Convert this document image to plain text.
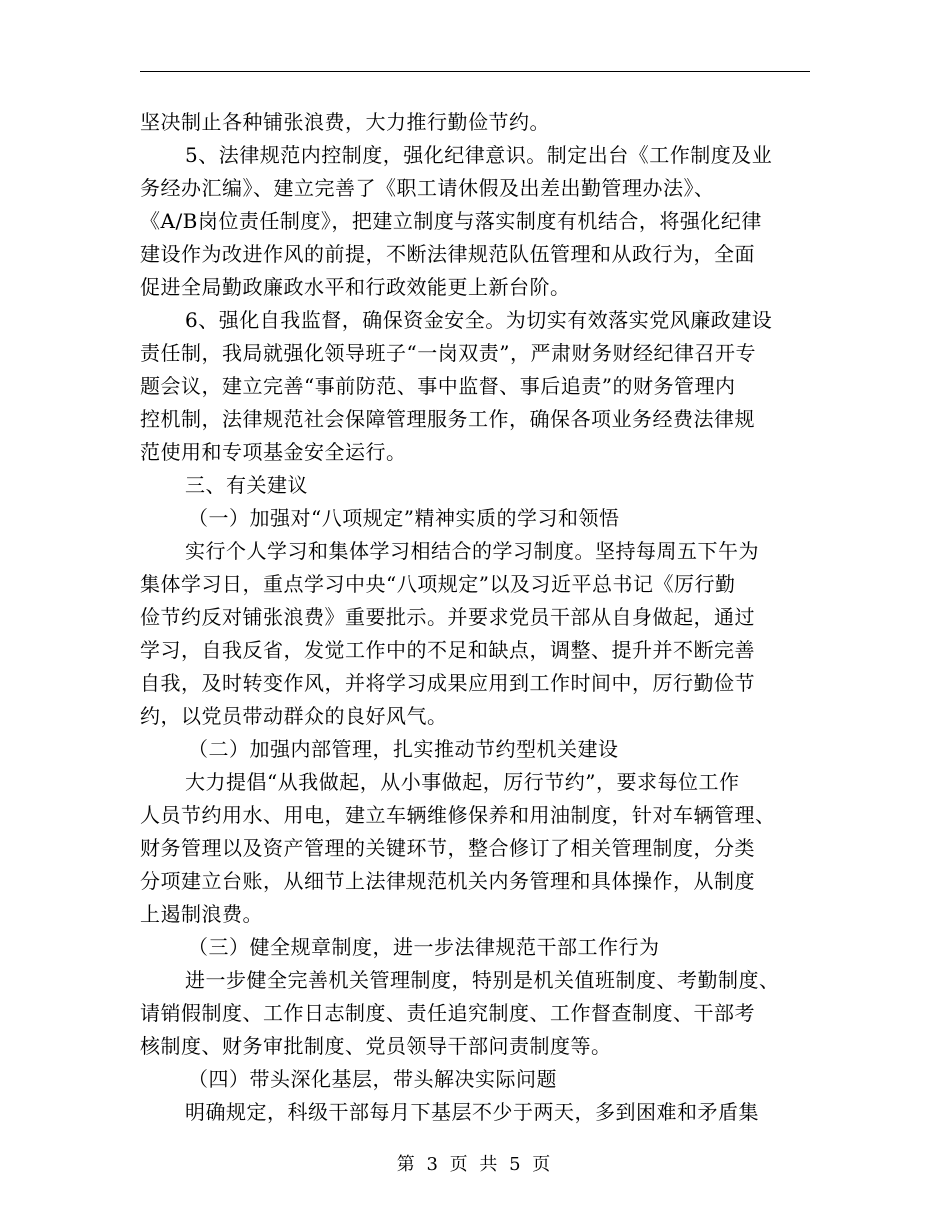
坚决制止各种铺张浪费，大力推行勤俭节约。
5、法律规范内控制度，强化纪律意识。制定出台《工作制度及业
务经办汇编》、建立完善了《职工请休假及出差出勤管理办法》、
《A/B岗位责任制度》，把建立制度与落实制度有机结合，将强化纪律
建设作为改进作风的前提，不断法律规范队伍管理和从政行为，全面
促进全局勤政廉政水平和行政效能更上新台阶。
6、强化自我监督，确保资金安全。为切实有效落实党风廉政建设
责任制，我局就强化领导班子“一岗双责”，严肃财务财经纪律召开专
题会议，建立完善“事前防范、事中监督、事后追责”的财务管理内
控机制，法律规范社会保障管理服务工作，确保各项业务经费法律规
范使用和专项基金安全运行。
三、有关建议
（一）加强对“八项规定”精神实质的学习和领悟
实行个人学习和集体学习相结合的学习制度。坚持每周五下午为
集体学习日，重点学习中央“八项规定”以及习近平总书记《厉行勤
俭节约反对铺张浪费》重要批示。并要求党员干部从自身做起，通过
学习，自我反省，发觉工作中的不足和缺点，调整、提升并不断完善
自我，及时转变作风，并将学习成果应用到工作时间中，厉行勤俭节
约，以党员带动群众的良好风气。
（二）加强内部管理，扎实推动节约型机关建设
大力提倡“从我做起，从小事做起，厉行节约”，要求每位工作
人员节约用水、用电，建立车辆维修保养和用油制度，针对车辆管理、
财务管理以及资产管理的关键环节，整合修订了相关管理制度，分类
分项建立台账，从细节上法律规范机关内务管理和具体操作，从制度
上遏制浪费。
（三）健全规章制度，进一步法律规范干部工作行为
进一步健全完善机关管理制度，特别是机关值班制度、考勤制度、
请销假制度、工作日志制度、责任追究制度、工作督查制度、干部考
核制度、财务审批制度、党员领导干部问责制度等。
（四）带头深化基层，带头解决实际问题
明确规定，科级干部每月下基层不少于两天，多到困难和矛盾集
第 3 页 共 5 页
